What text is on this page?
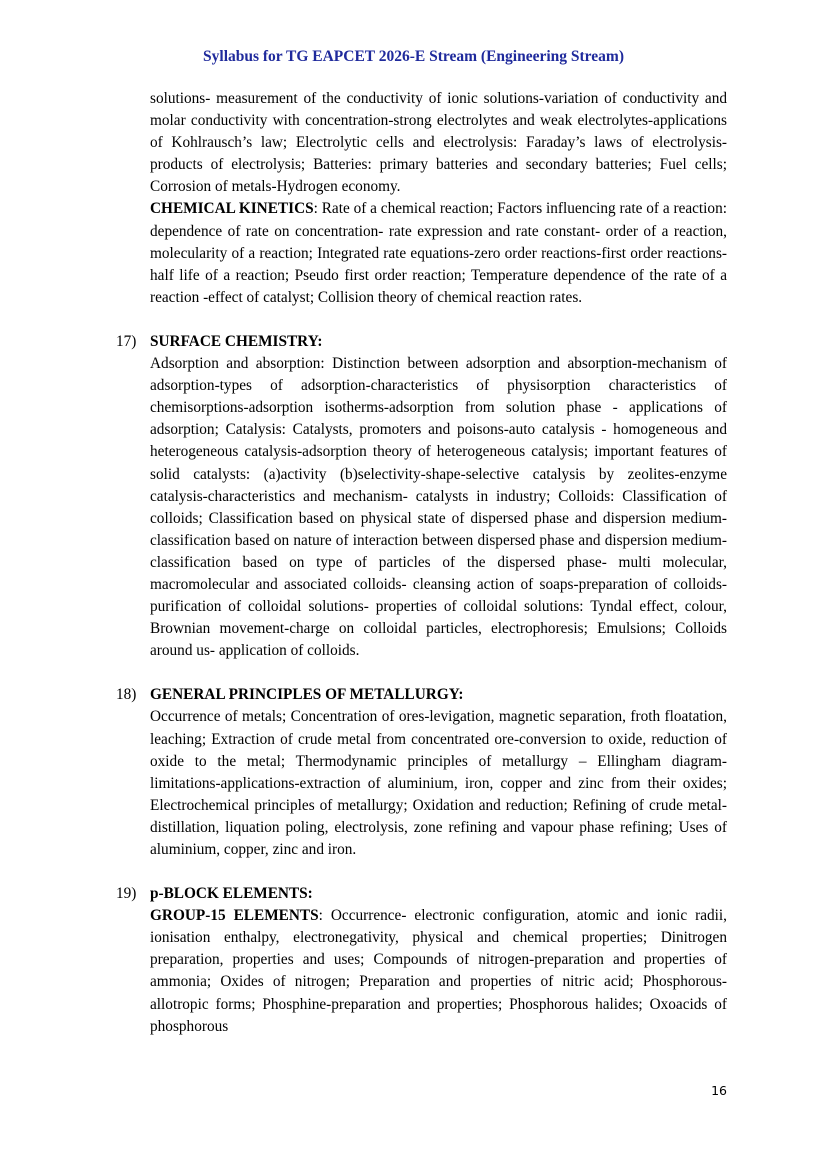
Syllabus for TG EAPCET 2026-E Stream (Engineering Stream)

solutions- measurement of the conductivity of ionic solutions-variation of conductivity and molar conductivity with concentration-strong electrolytes and weak electrolytes-applications of Kohlrausch’s law; Electrolytic cells and electrolysis: Faraday’s laws of electrolysis-products of electrolysis; Batteries: primary batteries and secondary batteries; Fuel cells; Corrosion of metals-Hydrogen economy.

CHEMICAL KINETICS: Rate of a chemical reaction; Factors influencing rate of a reaction: dependence of rate on concentration- rate expression and rate constant- order of a reaction, molecularity of a reaction; Integrated rate equations-zero order reactions-first order reactions- half life of a reaction; Pseudo first order reaction; Temperature dependence of the rate of a reaction -effect of catalyst; Collision theory of chemical reaction rates.

17) SURFACE CHEMISTRY:

Adsorption and absorption: Distinction between adsorption and absorption-mechanism of adsorption-types of adsorption-characteristics of physisorption characteristics of chemisorptions-adsorption isotherms-adsorption from solution phase - applications of adsorption; Catalysis: Catalysts, promoters and poisons-auto catalysis - homogeneous and heterogeneous catalysis-adsorption theory of heterogeneous catalysis; important features of solid catalysts: (a)activity (b)selectivity-shape-selective catalysis by zeolites-enzyme catalysis-characteristics and mechanism- catalysts in industry; Colloids: Classification of colloids; Classification based on physical state of dispersed phase and dispersion medium- classification based on nature of interaction between dispersed phase and dispersion medium- classification based on type of particles of the dispersed phase- multi molecular, macromolecular and associated colloids- cleansing action of soaps-preparation of colloids-purification of colloidal solutions- properties of colloidal solutions: Tyndal effect, colour, Brownian movement-charge on colloidal particles, electrophoresis; Emulsions; Colloids around us- application of colloids.

18) GENERAL PRINCIPLES OF METALLURGY:

Occurrence of metals; Concentration of ores-levigation, magnetic separation, froth floatation, leaching; Extraction of crude metal from concentrated ore-conversion to oxide, reduction of oxide to the metal; Thermodynamic principles of metallurgy – Ellingham diagram-limitations-applications-extraction of aluminium, iron, copper and zinc from their oxides; Electrochemical principles of metallurgy; Oxidation and reduction; Refining of crude metal-distillation, liquation poling, electrolysis, zone refining and vapour phase refining; Uses of aluminium, copper, zinc and iron.

19) p-BLOCK ELEMENTS:

GROUP-15 ELEMENTS: Occurrence- electronic configuration, atomic and ionic radii, ionisation enthalpy, electronegativity, physical and chemical properties; Dinitrogen preparation, properties and uses; Compounds of nitrogen-preparation and properties of ammonia; Oxides of nitrogen; Preparation and properties of nitric acid; Phosphorous-allotropic forms; Phosphine-preparation and properties; Phosphorous halides; Oxoacids of phosphorous

16
